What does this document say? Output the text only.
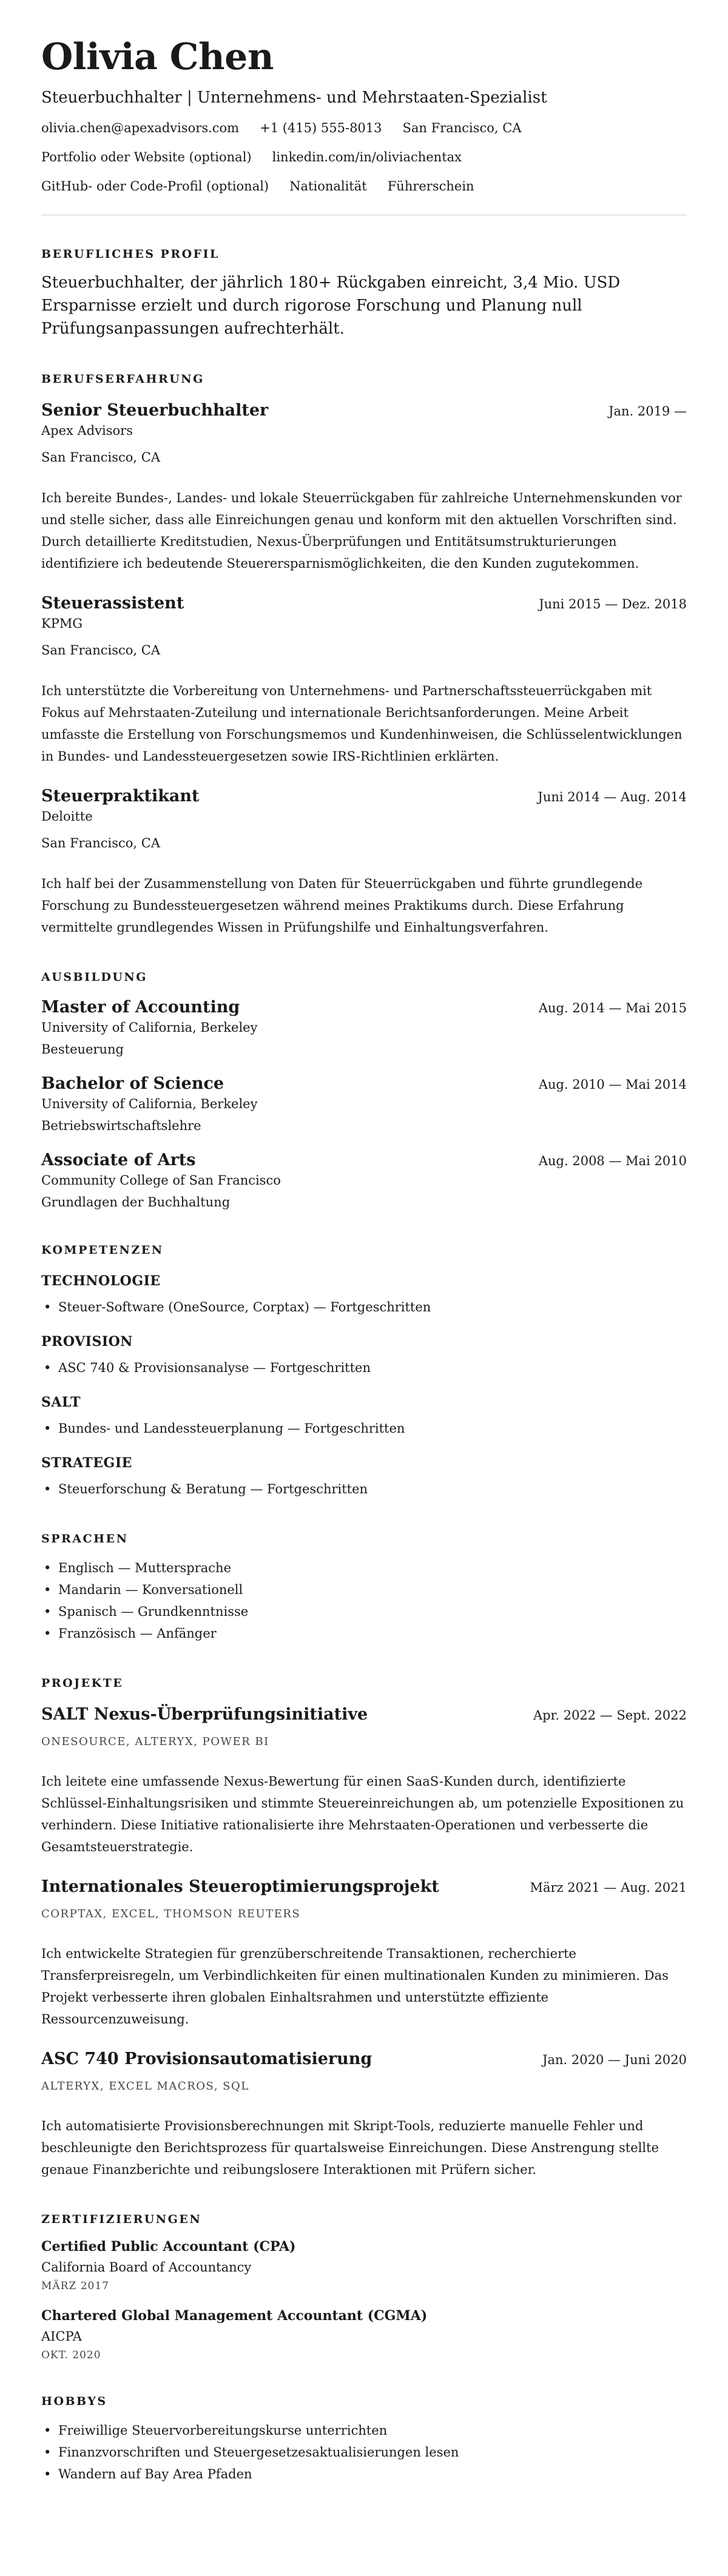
Olivia Chen
Steuerbuchhalter | Unternehmens- und Mehrstaaten-Spezialist
olivia.chen@apexadvisors.com +1 (415) 555-8013 San Francisco, CA
Portfolio oder Website (optional) linkedin.com/in/oliviachentax
GitHub- oder Code-Profil (optional) Nationalität Führerschein
BERUFLICHES PROFIL

Steuerbuchhalter, der jährlich 180+ Rückgaben einreicht, 3,4 Mio. USD Ersparnisse erzielt und durch rigorose Forschung und Planung null Prüfungsanpassungen aufrechterhält.

BERUFSERFAHRUNG
Senior Steuerbuchhalter	Jan. 2019 —
Apex Advisors
San Francisco, CA

Ich bereite Bundes-, Landes- und lokale Steuerrückgaben für zahlreiche Unternehmenskunden vor und stelle sicher, dass alle Einreichungen genau und konform mit den aktuellen Vorschriften sind. Durch detaillierte Kreditstudien, Nexus-Überprüfungen und Entitätsumstrukturierungen identifiziere ich bedeutende Steuerersparnismöglichkeiten, die den Kunden zugutekommen.

Steuerassistent	Juni 2015 — Dez. 2018
KPMG
San Francisco, CA

Ich unterstützte die Vorbereitung von Unternehmens- und Partnerschaftssteuerrückgaben mit Fokus auf Mehrstaaten-Zuteilung und internationale Berichtsanforderungen. Meine Arbeit umfasste die Erstellung von Forschungsmemos und Kundenhinweisen, die Schlüsselentwicklungen in Bundes- und Landessteuergesetzen sowie IRS-Richtlinien erklärten.

Steuerpraktikant	Juni 2014 — Aug. 2014
Deloitte
San Francisco, CA

Ich half bei der Zusammenstellung von Daten für Steuerrückgaben und führte grundlegende Forschung zu Bundessteuergesetzen während meines Praktikums durch. Diese Erfahrung vermittelte grundlegendes Wissen in Prüfungshilfe und Einhaltungsverfahren.

AUSBILDUNG
Master of Accounting	Aug. 2014 — Mai 2015
University of California, Berkeley
Besteuerung
Bachelor of Science	Aug. 2010 — Mai 2014
University of California, Berkeley
Betriebswirtschaftslehre
Associate of Arts	Aug. 2008 — Mai 2010
Community College of San Francisco
Grundlagen der Buchhaltung
KOMPETENZEN
TECHNOLOGIE
• Steuer-Software (OneSource, Corptax) — Fortgeschritten
PROVISION
• ASC 740 & Provisionsanalyse — Fortgeschritten
SALT
• Bundes- und Landessteuerplanung — Fortgeschritten
STRATEGIE
• Steuerforschung & Beratung — Fortgeschritten
SPRACHEN
• Englisch — Muttersprache
• Mandarin — Konversationell
• Spanisch — Grundkenntnisse
• Französisch — Anfänger
PROJEKTE
SALT Nexus-Überprüfungsinitiative	Apr. 2022 — Sept. 2022
ONESOURCE, ALTERYX, POWER BI

Ich leitete eine umfassende Nexus-Bewertung für einen SaaS-Kunden durch, identifizierte Schlüssel-Einhaltungsrisiken und stimmte Steuereinreichungen ab, um potenzielle Expositionen zu verhindern. Diese Initiative rationalisierte ihre Mehrstaaten-Operationen und verbesserte die Gesamtsteuerstrategie.

Internationales Steueroptimierungsprojekt	März 2021 — Aug. 2021
CORPTAX, EXCEL, THOMSON REUTERS

Ich entwickelte Strategien für grenzüberschreitende Transaktionen, recherchierte Transferpreisregeln, um Verbindlichkeiten für einen multinationalen Kunden zu minimieren. Das Projekt verbesserte ihren globalen Einhaltsrahmen und unterstützte effiziente Ressourcenzuweisung.

ASC 740 Provisionsautomatisierung	Jan. 2020 — Juni 2020
ALTERYX, EXCEL MACROS, SQL

Ich automatisierte Provisionsberechnungen mit Skript-Tools, reduzierte manuelle Fehler und beschleunigte den Berichtsprozess für quartalsweise Einreichungen. Diese Anstrengung stellte genaue Finanzberichte und reibungslosere Interaktionen mit Prüfern sicher.

ZERTIFIZIERUNGEN
Certified Public Accountant (CPA)
California Board of Accountancy
MÄRZ 2017
Chartered Global Management Accountant (CGMA)
AICPA
OKT. 2020
HOBBYS
• Freiwillige Steuervorbereitungskurse unterrichten
• Finanzvorschriften und Steuergesetzesaktualisierungen lesen
• Wandern auf Bay Area Pfaden
